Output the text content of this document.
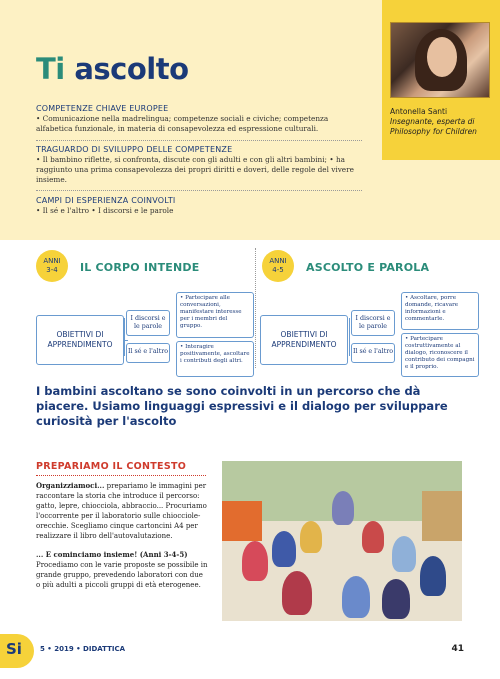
Ti ascolto
Antonella Santi
Insegnante, esperta di Philosophy for Children
COMPETENZE CHIAVE EUROPEE

• Comunicazione nella madrelingua; competenze sociali e civiche; competenza alfabetica funzionale, in materia di consapevolezza ed espressione culturali.

TRAGUARDO DI SVILUPPO DELLE COMPETENZE

• Il bambino riflette, si confronta, discute con gli adulti e con gli altri bambini; • ha raggiunto una prima consapevolezza dei propri diritti e doveri, delle regole del vivere insieme.

CAMPI DI ESPERIENZA COINVOLTI

• Il sé e l'altro • I discorsi e le parole

ANNI
3-4	IL CORPO INTENDE
OBIETTIVI DI APPRENDIMENTO
I discorsi e le parole
Il sé e l'altro
• Partecipare alle conversazioni, manifestare interesse per i membri del gruppo.
• Interagire positivamente, ascoltare i contributi degli altri.
ANNI
4-5	ASCOLTO E PAROLA
OBIETTIVI DI APPRENDIMENTO
I discorsi e le parole
Il sé e l'altro
• Ascoltare, porre domande, ricavare informazioni e commentarle.
• Partecipare costruttivamente al dialogo, riconoscere il contributo dei compagni e il proprio.
I bambini ascoltano se sono coinvolti in un percorso che dà piacere. Usiamo linguaggi espressivi e il dialogo per sviluppare curiosità per l'ascolto
PREPARIAMO IL CONTESTO
Organizziamoci... prepariamo le immagini per raccontare la storia che introduce il percorso: gatto, lepre, chiocciola, abbraccio... Procuriamo l'occorrente per il laboratorio sulle chiocciole-orecchie. Scegliamo cinque cartoncini A4 per realizzare il libro dell'autovalutazione.
... E cominciamo insieme! (Anni 3-4-5) Procediamo con le varie proposte se possibile in grande gruppo, prevedendo laboratori con due o più adulti a piccoli gruppi di età eterogenee.
Si	5 • 2019 • DIDATTICA	41
